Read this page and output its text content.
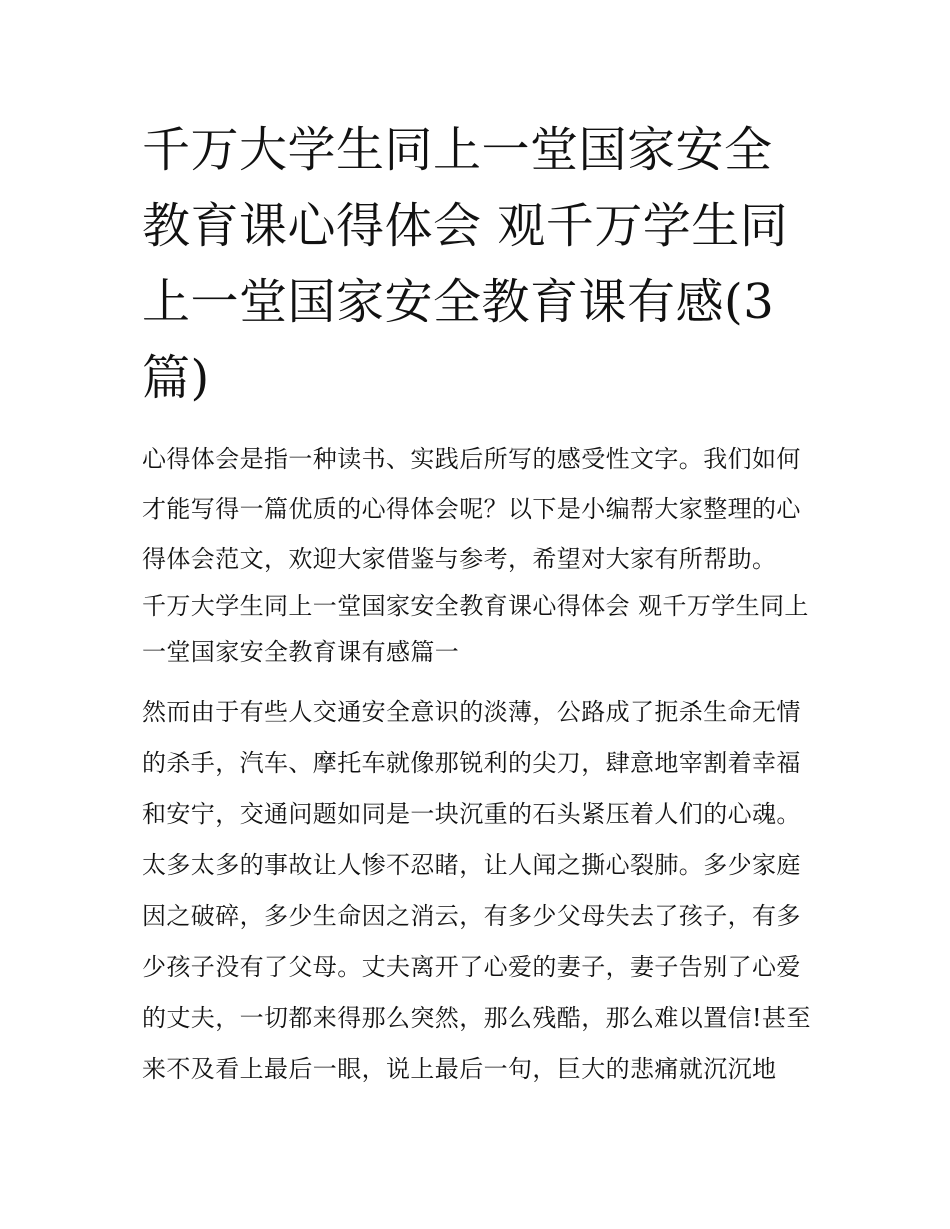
千万大学生同上一堂国家安全教育课心得体会 观千万学生同上一堂国家安全教育课有感(3篇)

心得体会是指一种读书、实践后所写的感受性文字。我们如何才能写得一篇优质的心得体会呢？以下是小编帮大家整理的心得体会范文，欢迎大家借鉴与参考，希望对大家有所帮助。

千万大学生同上一堂国家安全教育课心得体会 观千万学生同上一堂国家安全教育课有感篇一

然而由于有些人交通安全意识的淡薄，公路成了扼杀生命无情的杀手，汽车、摩托车就像那锐利的尖刀，肆意地宰割着幸福和安宁，交通问题如同是一块沉重的石头紧压着人们的心魂。太多太多的事故让人惨不忍睹，让人闻之撕心裂肺。多少家庭因之破碎，多少生命因之消云，有多少父母失去了孩子，有多少孩子没有了父母。丈夫离开了心爱的妻子，妻子告别了心爱的丈夫，一切都来得那么突然，那么残酷，那么难以置信!甚至来不及看上最后一眼，说上最后一句，巨大的悲痛就沉沉地
